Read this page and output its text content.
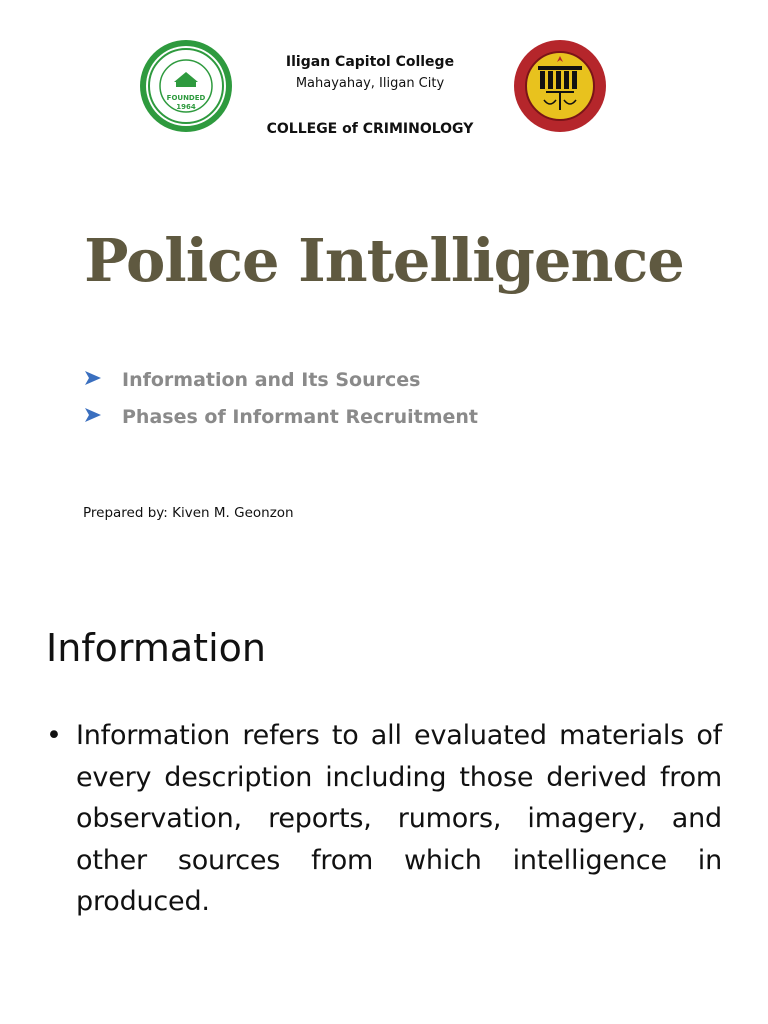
FOUNDED
1964
Iligan Capitol College
Mahayahay, Iligan City
COLLEGE of CRIMINOLOGY
Police Intelligence
Information and Its Sources
Phases of Informant Recruitment
Prepared by: Kiven M. Geonzon
Information
• Information refers to all evaluated materials of every description including those derived from observation, reports, rumors, imagery, and other sources from which intelligence in produced.
